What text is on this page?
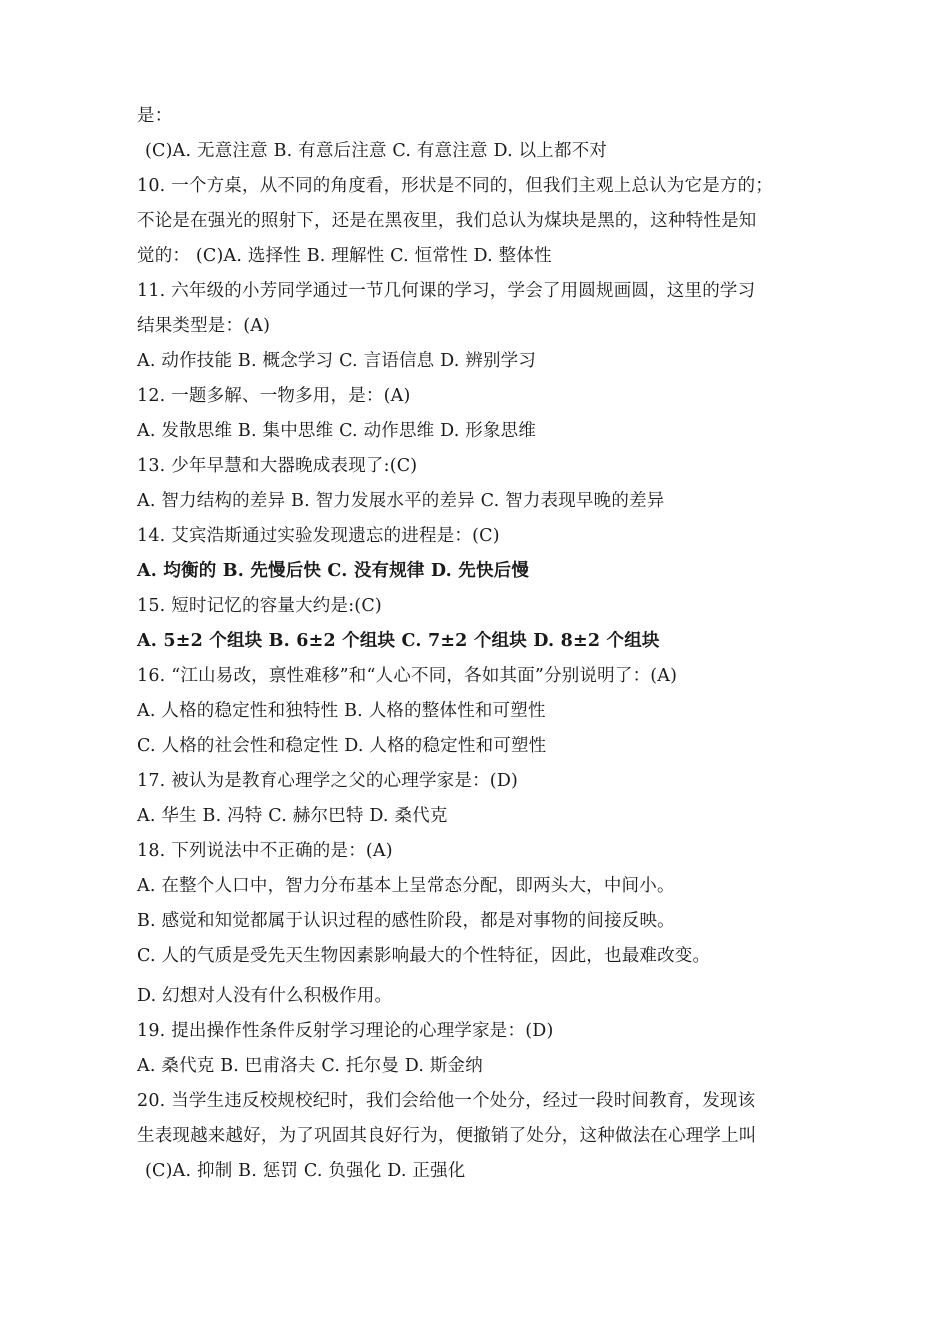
是：
(C)A. 无意注意 B. 有意后注意 C. 有意注意 D. 以上都不对
10. 一个方桌，从不同的角度看，形状是不同的，但我们主观上总认为它是方的；
不论是在强光的照射下，还是在黑夜里，我们总认为煤块是黑的，这种特性是知
觉的： (C)A. 选择性 B. 理解性 C. 恒常性 D. 整体性
11. 六年级的小芳同学通过一节几何课的学习，学会了用圆规画圆，这里的学习
结果类型是：(A)
A. 动作技能 B. 概念学习 C. 言语信息 D. 辨别学习
12. 一题多解、一物多用，是：(A)
A. 发散思维 B. 集中思维 C. 动作思维 D. 形象思维
13. 少年早慧和大器晚成表现了:(C)
A. 智力结构的差异 B. 智力发展水平的差异 C. 智力表现早晚的差异
14. 艾宾浩斯通过实验发现遗忘的进程是：(C)
A. 均衡的 B. 先慢后快 C. 没有规律 D. 先快后慢
15. 短时记忆的容量大约是:(C)
A. 5±2 个组块 B. 6±2 个组块 C. 7±2 个组块 D. 8±2 个组块
16. “江山易改，禀性难移”和“人心不同，各如其面”分别说明了：(A)
A. 人格的稳定性和独特性 B. 人格的整体性和可塑性
C. 人格的社会性和稳定性 D. 人格的稳定性和可塑性
17. 被认为是教育心理学之父的心理学家是：(D)
A. 华生 B. 冯特 C. 赫尔巴特 D. 桑代克
18. 下列说法中不正确的是：(A)
A. 在整个人口中，智力分布基本上呈常态分配，即两头大，中间小。
B. 感觉和知觉都属于认识过程的感性阶段，都是对事物的间接反映。
C. 人的气质是受先天生物因素影响最大的个性特征，因此，也最难改变。
D. 幻想对人没有什么积极作用。
19. 提出操作性条件反射学习理论的心理学家是：(D)
A. 桑代克 B. 巴甫洛夫 C. 托尔曼 D. 斯金纳
20. 当学生违反校规校纪时，我们会给他一个处分，经过一段时间教育，发现该
生表现越来越好，为了巩固其良好行为，便撤销了处分，这种做法在心理学上叫
(C)A. 抑制 B. 惩罚 C. 负强化 D. 正强化
